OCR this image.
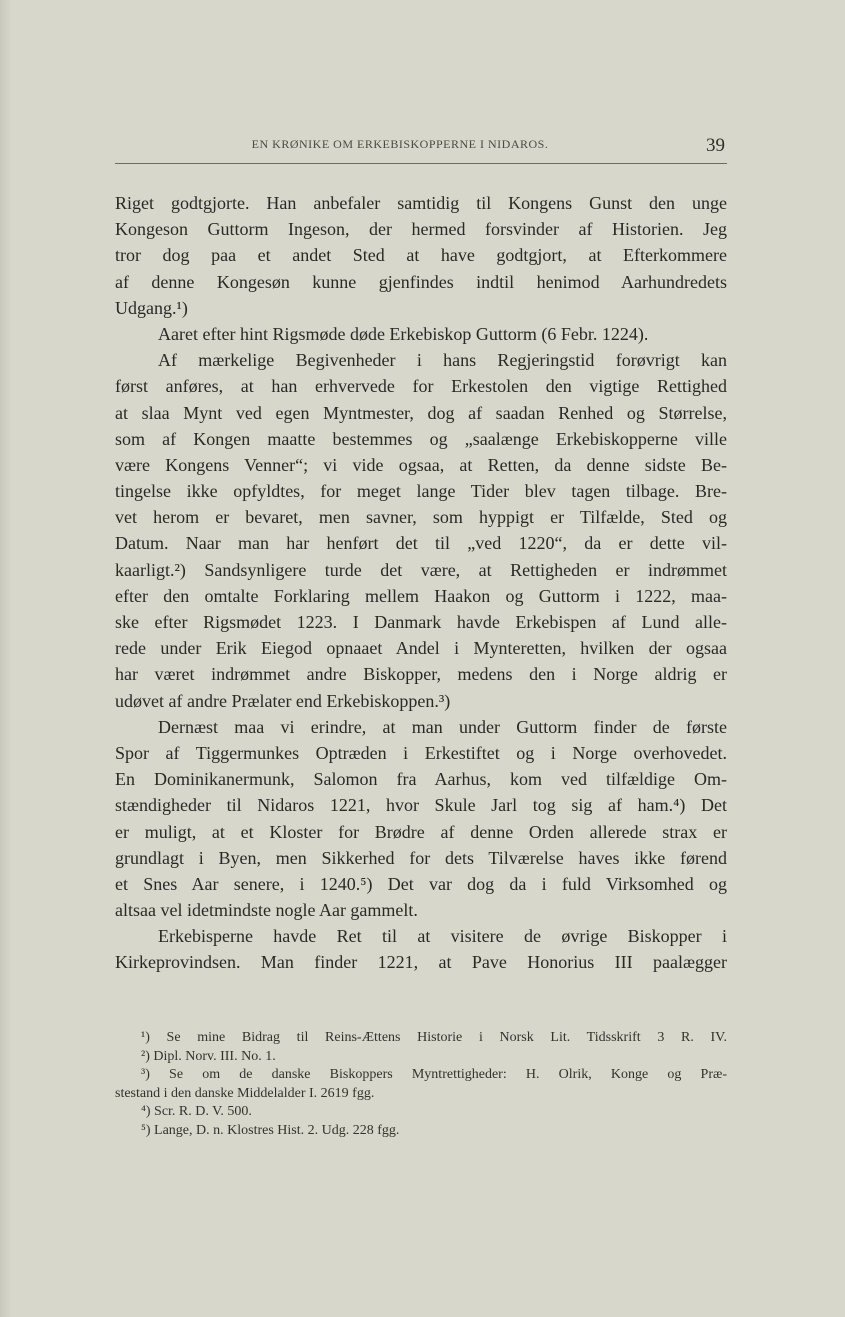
EN KRØNIKE OM ERKEBISKOPPERNE I NIDAROS.	39
Riget godtgjorte. Han anbefaler samtidig til Kongens Gunst den unge
Kongeson Guttorm Ingeson, der hermed forsvinder af Historien. Jeg
tror dog paa et andet Sted at have godtgjort, at Efterkommere
af denne Kongesøn kunne gjenfindes indtil henimod Aarhundredets
Udgang.¹)
Aaret efter hint Rigsmøde døde Erkebiskop Guttorm (6 Febr. 1224).
Af mærkelige Begivenheder i hans Regjeringstid forøvrigt kan
først anføres, at han erhvervede for Erkestolen den vigtige Rettighed
at slaa Mynt ved egen Myntmester, dog af saadan Renhed og Størrelse,
som af Kongen maatte bestemmes og „saalænge Erkebiskopperne ville
være Kongens Venner“; vi vide ogsaa, at Retten, da denne sidste Be-
tingelse ikke opfyldtes, for meget lange Tider blev tagen tilbage. Bre-
vet herom er bevaret, men savner, som hyppigt er Tilfælde, Sted og
Datum. Naar man har henført det til „ved 1220“, da er dette vil-
kaarligt.²) Sandsynligere turde det være, at Rettigheden er indrømmet
efter den omtalte Forklaring mellem Haakon og Guttorm i 1222, maa-
ske efter Rigsmødet 1223. I Danmark havde Erkebispen af Lund alle-
rede under Erik Eiegod opnaaet Andel i Mynteretten, hvilken der ogsaa
har været indrømmet andre Biskopper, medens den i Norge aldrig er
udøvet af andre Prælater end Erkebiskoppen.³)
Dernæst maa vi erindre, at man under Guttorm finder de første
Spor af Tiggermunkes Optræden i Erkestiftet og i Norge overhovedet.
En Dominikanermunk, Salomon fra Aarhus, kom ved tilfældige Om-
stændigheder til Nidaros 1221, hvor Skule Jarl tog sig af ham.⁴) Det
er muligt, at et Kloster for Brødre af denne Orden allerede strax er
grundlagt i Byen, men Sikkerhed for dets Tilværelse haves ikke førend
et Snes Aar senere, i 1240.⁵) Det var dog da i fuld Virksomhed og
altsaa vel idetmindste nogle Aar gammelt.
Erkebisperne havde Ret til at visitere de øvrige Biskopper i
Kirkeprovindsen. Man finder 1221, at Pave Honorius III paalægger
¹) Se mine Bidrag til Reins-Ættens Historie i Norsk Lit. Tidsskrift 3 R. IV.
²) Dipl. Norv. III. No. 1.
³) Se om de danske Biskoppers Myntrettigheder: H. Olrik, Konge og Præ-
stestand i den danske Middelalder I. 2619 fgg.
⁴) Scr. R. D. V. 500.
⁵) Lange, D. n. Klostres Hist. 2. Udg. 228 fgg.
